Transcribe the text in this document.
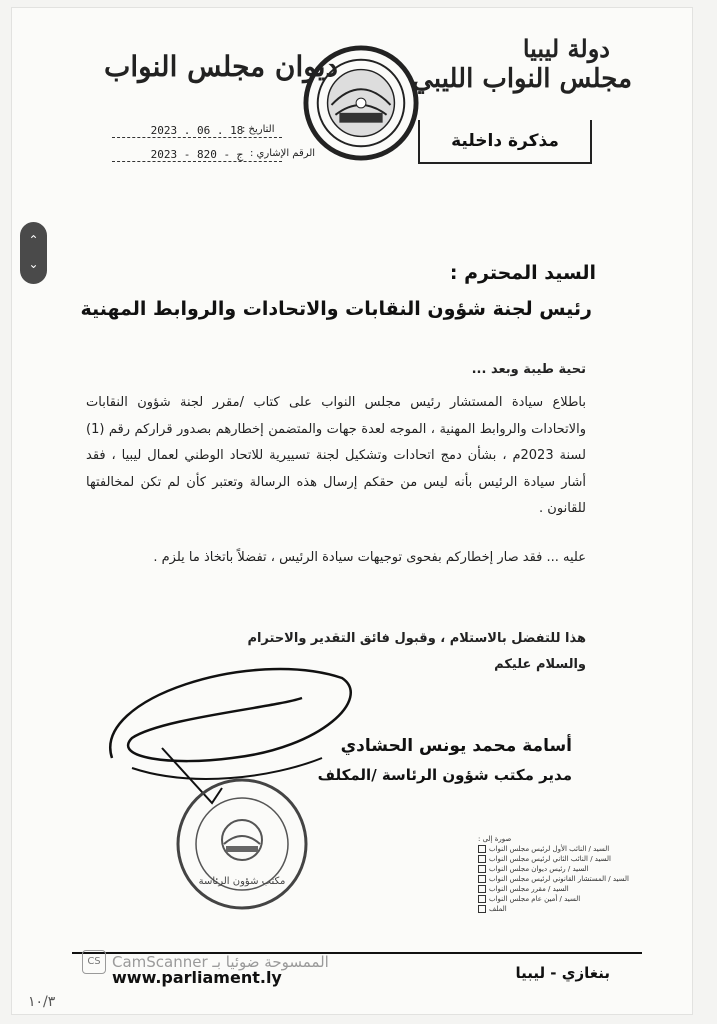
دولة ليبيا
مجلس النواب الليبي
ديوان مجلس النواب
التاريخ :
2023 . 06 . 18
الرقم الإشاري :
2023 - 820 - ج
مذكرة داخلية
السيد المحترم :
رئيس لجنة شؤون النقابات والاتحادات والروابط المهنية
تحية طيبة وبعد ...
باطلاع سيادة المستشار رئيس مجلس النواب على كتاب /مقرر لجنة شؤون النقابات والاتحادات والروابط المهنية ، الموجه لعدة جهات والمتضمن إخطارهم بصدور قراركم رقم (1) لسنة 2023م ، بشأن دمج اتحادات وتشكيل لجنة تسييرية للاتحاد الوطني لعمال ليبيا ، فقد أشار سيادة الرئيس بأنه ليس من حقكم إرسال هذه الرسالة وتعتبر كأن لم تكن لمخالفتها للقانون .
عليه ... فقد صار إخطاركم بفحوى توجيهات سيادة الرئيس ، تفضلاً باتخاذ ما يلزم .
هذا للتفضل بالاستلام ، وقبول فائق التقدير والاحترام
والسلام عليكم
أسامة محمد يونس الحشادي
مدير مكتب شؤون الرئاسة /المكلف
مكتب شؤون الرئاسة
صورة إلى :
السيد / النائب الأول لرئيس مجلس النواب
السيد / النائب الثاني لرئيس مجلس النواب
السيد / رئيس ديوان مجلس النواب
السيد / المستشار القانوني لرئيس مجلس النواب
السيد / مقرر مجلس النواب
السيد / أمين عام مجلس النواب
الملف
بنغازي - ليبيا
www.parliament.ly
CS الممسوحة ضوئيا بـ CamScanner
١٠/٣
⌃
⌄
